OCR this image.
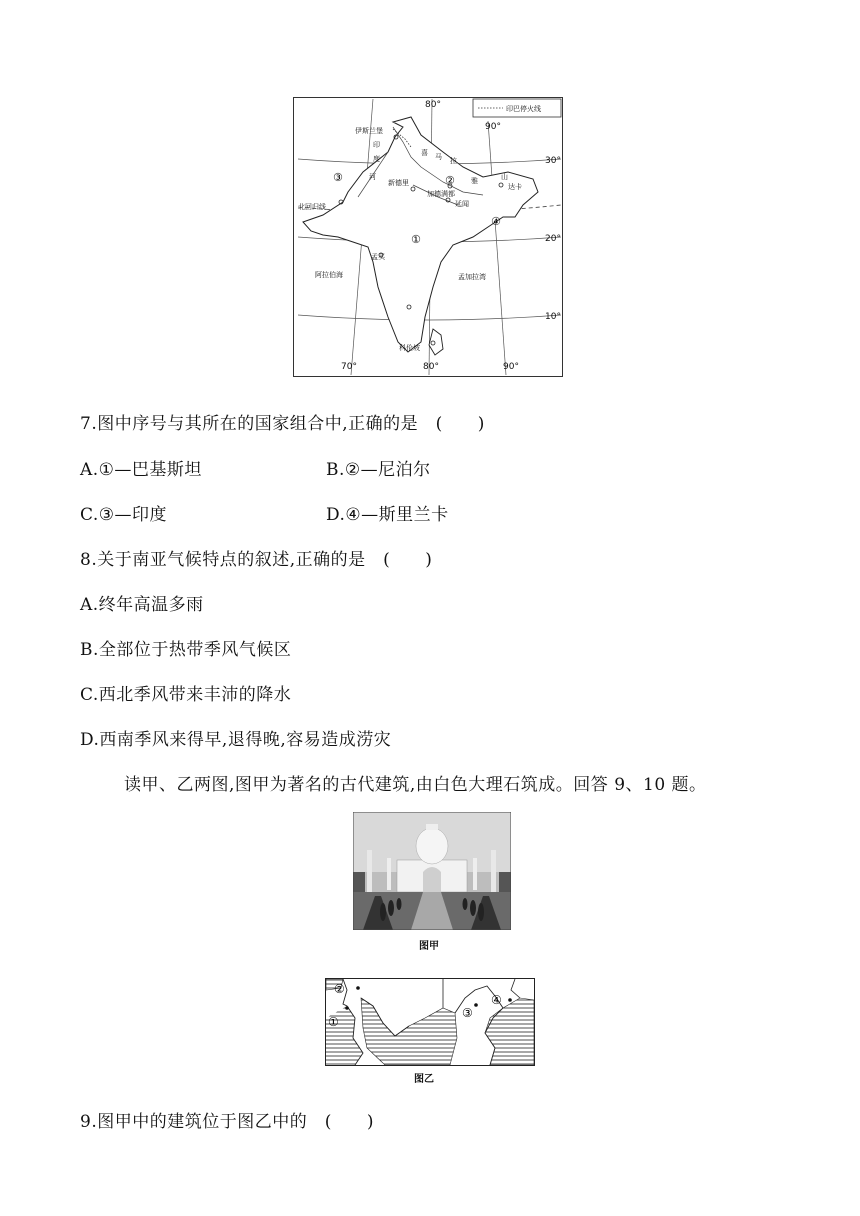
印巴停火线
80°
90°
30°
20°
10°
70°	80°	90°
北回归线
伊斯兰堡
印
度
河
喜 马 拉
雅	山
新德里
加德满都
达卡
延闻
孟买
阿拉伯海	孟加拉湾
科伦坡
③	②
①
④
7.图中序号与其所在的国家组合中,正确的是　(　　)
A.①—巴基斯坦	B.②—尼泊尔
C.③—印度	D.④—斯里兰卡
8.关于南亚气候特点的叙述,正确的是　(　　)
A.终年高温多雨
B.全部位于热带季风气候区
C.西北季风带来丰沛的降水
D.西南季风来得早,退得晚,容易造成涝灾
读甲、乙两图,图甲为著名的古代建筑,由白色大理石筑成。回答 9、10 题。
图甲
①
②
③
④
图乙
9.图甲中的建筑位于图乙中的　(　　)
